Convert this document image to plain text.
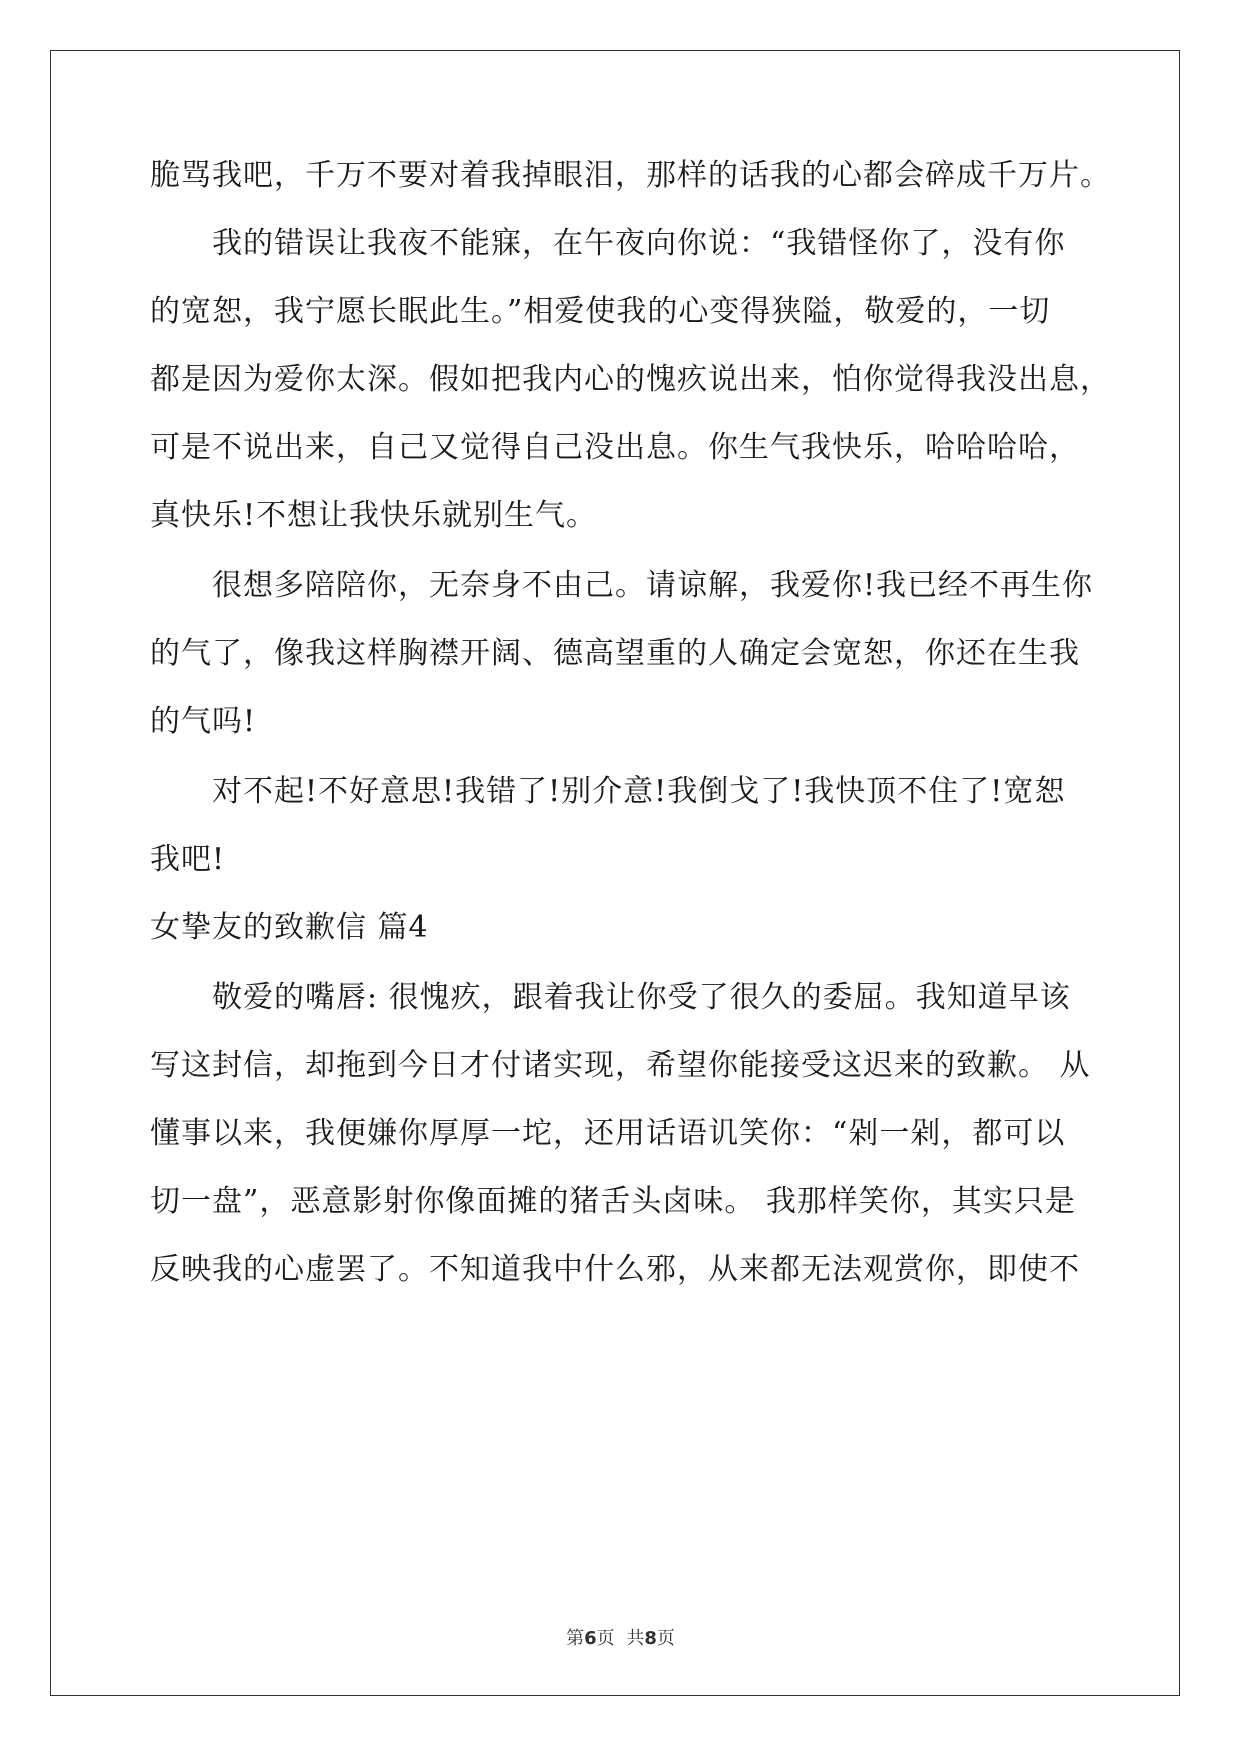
脆骂我吧，千万不要对着我掉眼泪，那样的话我的心都会碎成千万片。
我的错误让我夜不能寐，在午夜向你说：“我错怪你了，没有你
的宽恕，我宁愿长眠此生。”相爱使我的心变得狭隘，敬爱的，一切
都是因为爱你太深。假如把我内心的愧疚说出来，怕你觉得我没出息，
可是不说出来，自己又觉得自己没出息。你生气我快乐，哈哈哈哈，
真快乐!不想让我快乐就别生气。
很想多陪陪你，无奈身不由己。请谅解，我爱你!我已经不再生你
的气了，像我这样胸襟开阔、德高望重的人确定会宽恕，你还在生我
的气吗!
对不起!不好意思!我错了!别介意!我倒戈了!我快顶不住了!宽恕
我吧!
女挚友的致歉信 篇4
敬爱的嘴唇: 很愧疚，跟着我让你受了很久的委屈。我知道早该
写这封信，却拖到今日才付诸实现，希望你能接受这迟来的致歉。 从
懂事以来，我便嫌你厚厚一坨，还用话语讥笑你：“剁一剁，都可以
切一盘”，恶意影射你像面摊的猪舌头卤味。 我那样笑你，其实只是
反映我的心虚罢了。不知道我中什么邪，从来都无法观赏你，即使不
第6页 共8页
